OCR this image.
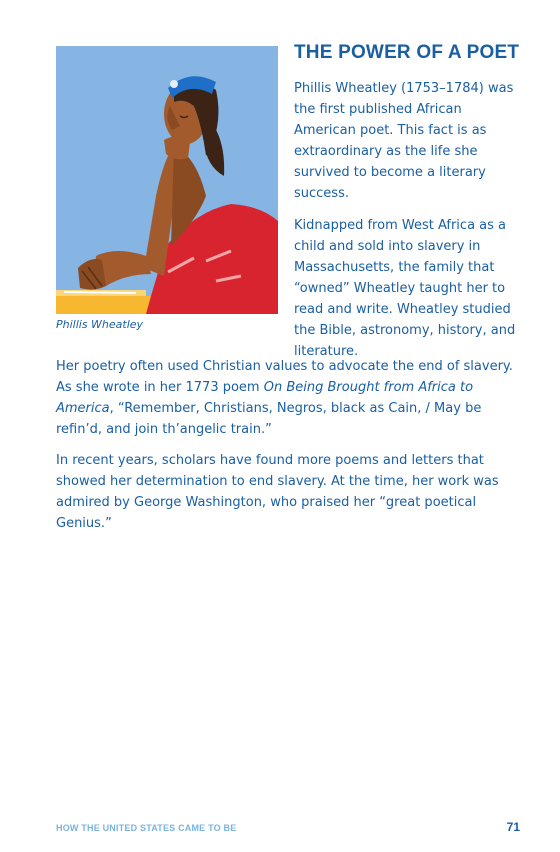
Phillis Wheatley
THE POWER OF A POET

Phillis Wheatley (1753–1784) was the first published African American poet. This fact is as extraordinary as the life she survived to become a literary success.

Kidnapped from West Africa as a child and sold into slavery in Massachusetts, the family that “owned” Wheatley taught her to read and write. Wheatley studied the Bible, astronomy, history, and literature.

Her poetry often used Christian values to advocate the end of slavery. As she wrote in her 1773 poem On Being Brought from Africa to America, “Remember, Christians, Negros, black as Cain, / May be refin’d, and join th’angelic train.”

In recent years, scholars have found more poems and letters that showed her determination to end slavery. At the time, her work was admired by George Washington, who praised her “great poetical Genius.”

HOW THE UNITED STATES CAME TO BE	71
